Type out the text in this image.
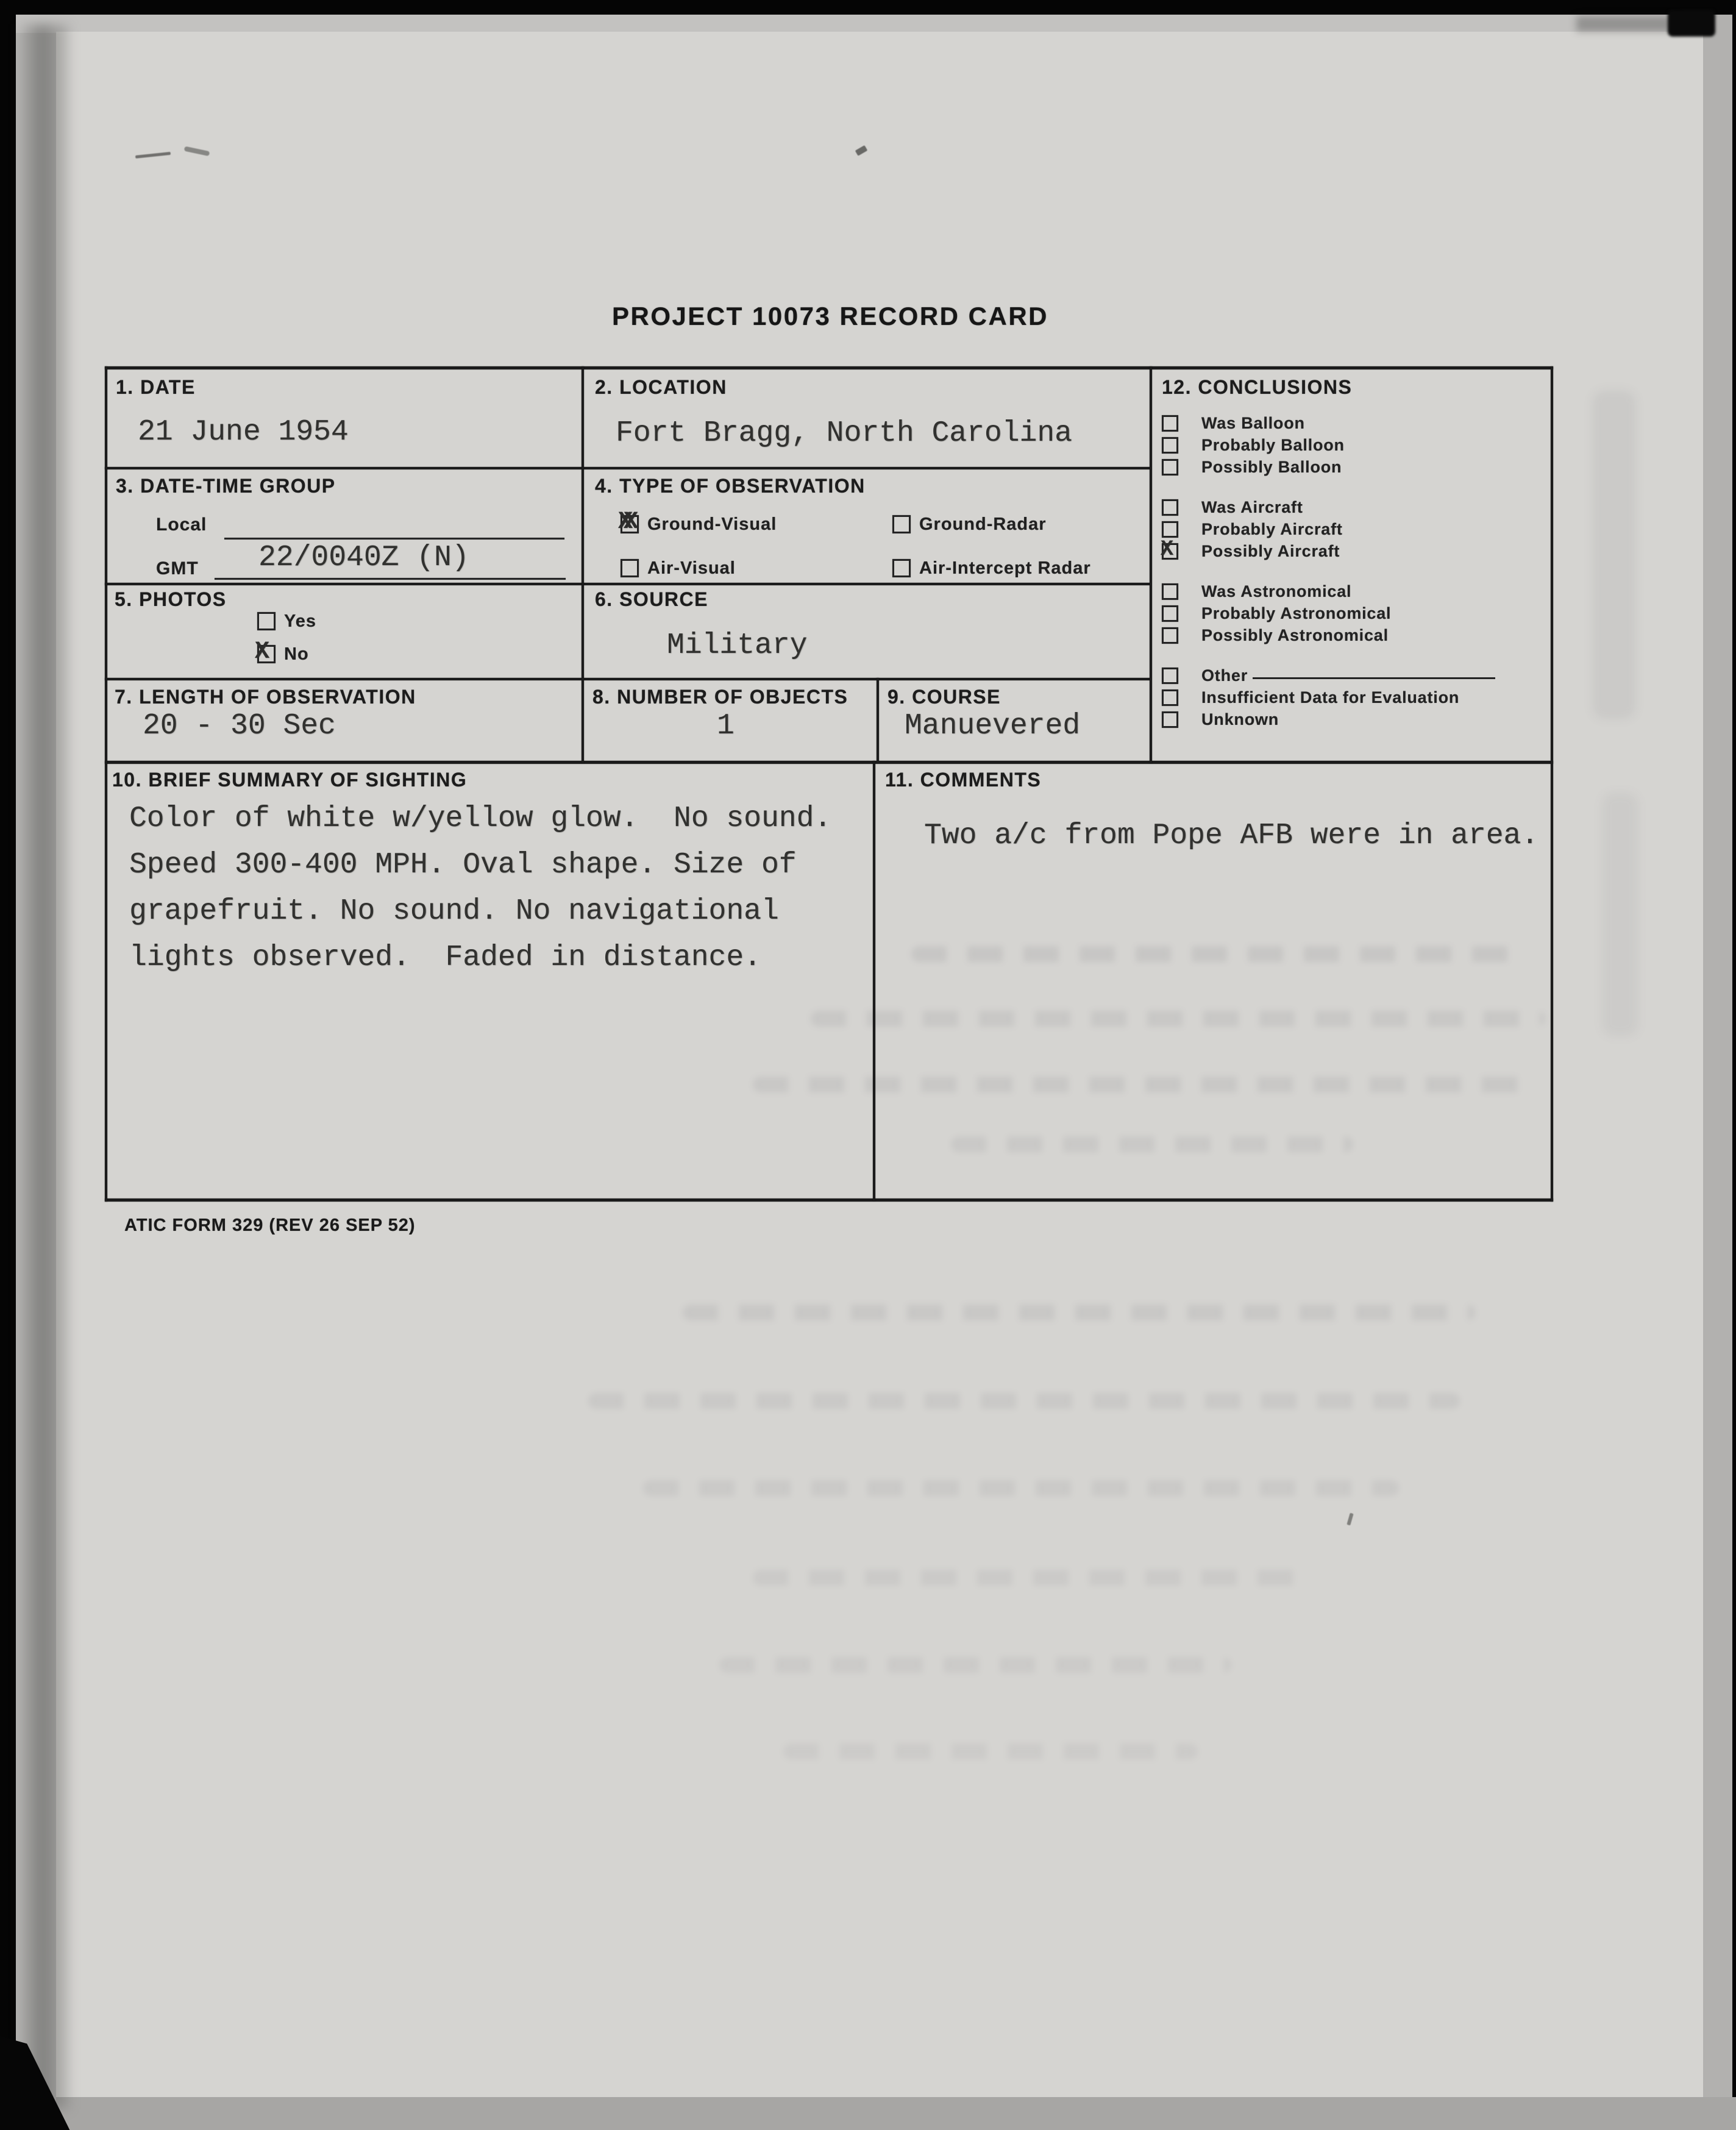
PROJECT 10073 RECORD CARD
1. DATE
21 June 1954
2. LOCATION
Fort Bragg, North Carolina
3. DATE-TIME GROUP
Local
GMT 22/0040Z (N)
4. TYPE OF OBSERVATION
XX Ground-Visual	Ground-Radar
Air-Visual	Air-Intercept Radar
5. PHOTOS
Yes
X No
6. SOURCE
Military
7. LENGTH OF OBSERVATION
20 - 30 Sec
8. NUMBER OF OBJECTS
1
9. COURSE
Manuevered
10. BRIEF SUMMARY OF SIGHTING
Color of white w/yellow glow.  No sound.
Speed 300-400 MPH. Oval shape. Size of
grapefruit. No sound. No navigational
lights observed.  Faded in distance.
11. COMMENTS
Two a/c from Pope AFB were in area.
12. CONCLUSIONS
Was Balloon
Probably Balloon
Possibly Balloon
Was Aircraft
Probably Aircraft
X Possibly Aircraft
Was Astronomical
Probably Astronomical
Possibly Astronomical
Other
Insufficient Data for Evaluation
Unknown
ATIC FORM 329 (REV 26 SEP 52)
